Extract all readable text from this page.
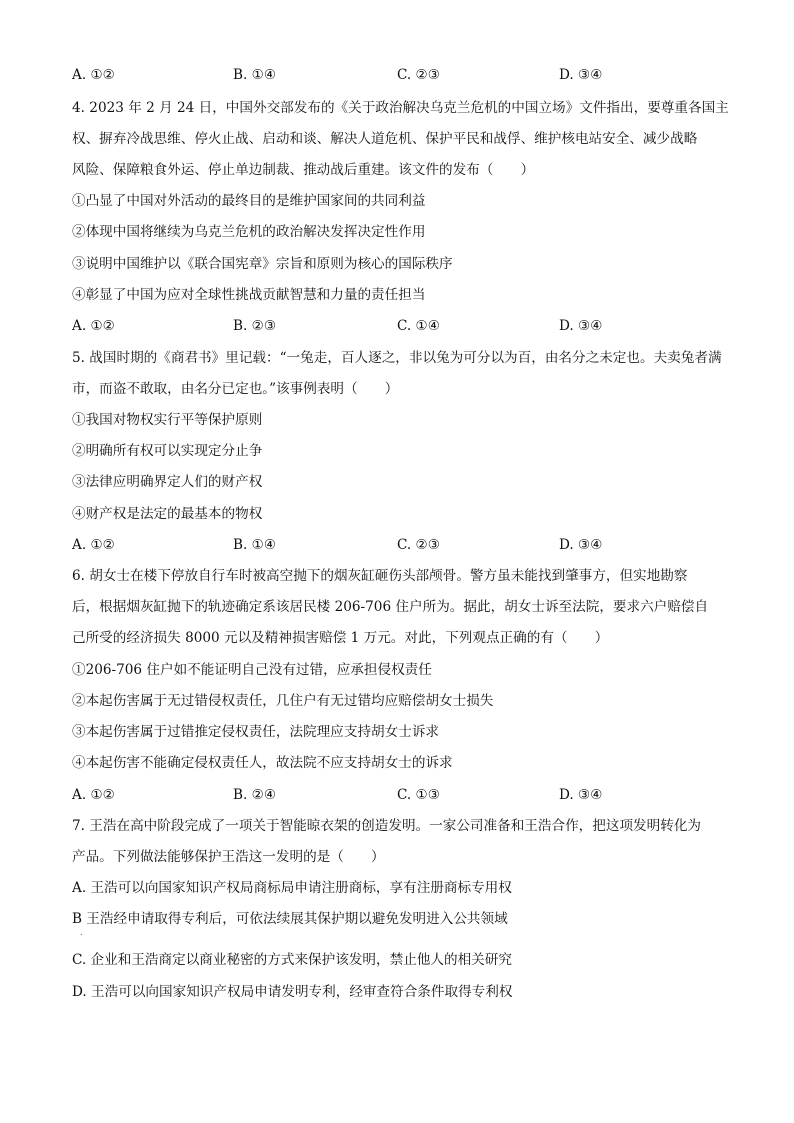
A. ①②	B. ①④	C. ②③	D. ③④
4. 2023 年 2 月 24 日，中国外交部发布的《关于政治解决乌克兰危机的中国立场》文件指出，要尊重各国主
权、摒弃冷战思维、停火止战、启动和谈、解决人道危机、保护平民和战俘、维护核电站安全、减少战略
风险、保障粮食外运、停止单边制裁、推动战后重建。该文件的发布（　　）
①凸显了中国对外活动的最终目的是维护国家间的共同利益
②体现中国将继续为乌克兰危机的政治解决发挥决定性作用
③说明中国维护以《联合国宪章》宗旨和原则为核心的国际秩序
④彰显了中国为应对全球性挑战贡献智慧和力量的责任担当
A. ①②	B. ②③	C. ①④	D. ③④
5. 战国时期的《商君书》里记载：“一兔走，百人逐之，非以兔为可分以为百，由名分之未定也。夫卖兔者满
市，而盗不敢取，由名分已定也。”该事例表明（　　）
①我国对物权实行平等保护原则
②明确所有权可以实现定分止争
③法律应明确界定人们的财产权
④财产权是法定的最基本的物权
A. ①②	B. ①④	C. ②③	D. ③④
6. 胡女士在楼下停放自行车时被高空抛下的烟灰缸砸伤头部颅骨。警方虽未能找到肇事方，但实地勘察
后，根据烟灰缸抛下的轨迹确定系该居民楼 206-706 住户所为。据此，胡女士诉至法院，要求六户赔偿自
己所受的经济损失 8000 元以及精神损害赔偿 1 万元。对此，下列观点正确的有（　　）
①206-706 住户如不能证明自己没有过错，应承担侵权责任
②本起伤害属于无过错侵权责任，几住户有无过错均应赔偿胡女士损失
③本起伤害属于过错推定侵权责任，法院理应支持胡女士诉求
④本起伤害不能确定侵权责任人，故法院不应支持胡女士的诉求
A. ①②	B. ②④	C. ①③	D. ③④
7. 王浩在高中阶段完成了一项关于智能晾衣架的创造发明。一家公司准备和王浩合作，把这项发明转化为
产品。下列做法能够保护王浩这一发明的是（　　）
A. 王浩可以向国家知识产权局商标局申请注册商标，享有注册商标专用权
B 王浩经申请取得专利后，可依法续展其保护期以避免发明进入公共领域
.
C. 企业和王浩商定以商业秘密的方式来保护该发明，禁止他人的相关研究
D. 王浩可以向国家知识产权局申请发明专利，经审查符合条件取得专利权
